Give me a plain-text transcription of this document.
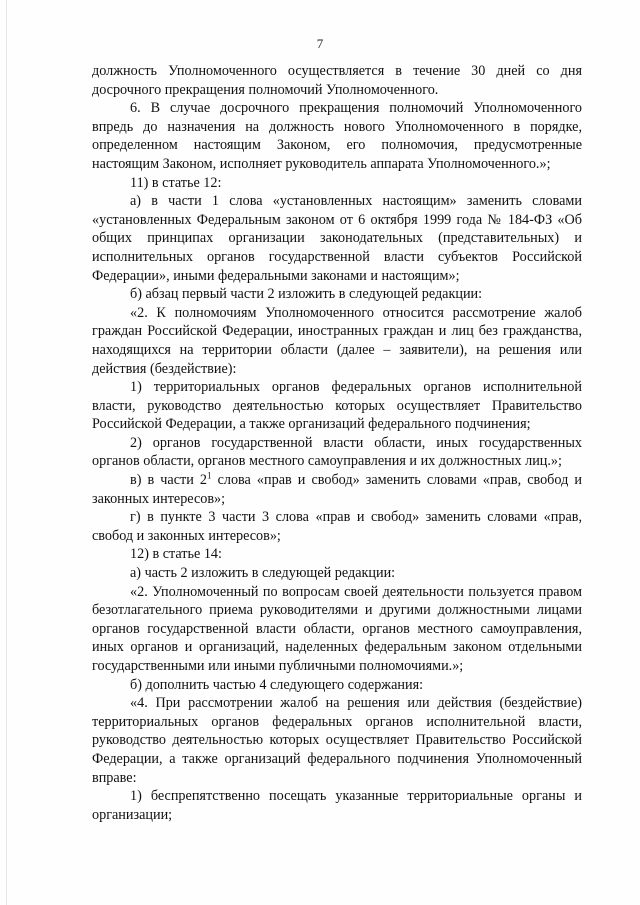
7

должность Уполномоченного осуществляется в течение 30 дней со дня досрочного прекращения полномочий Уполномоченного.

6. В случае досрочного прекращения полномочий Уполномоченного впредь до назначения на должность нового Уполномоченного в порядке, определенном настоящим Законом, его полномочия, предусмотренные настоящим Законом, исполняет руководитель аппарата Уполномоченного.»;

11) в статье 12:

а) в части 1 слова «установленных настоящим» заменить словами «установленных Федеральным законом от 6 октября 1999 года № 184-ФЗ «Об общих принципах организации законодательных (представительных) и исполнительных органов государственной власти субъектов Российской Федерации», иными федеральными законами и настоящим»;

б) абзац первый части 2 изложить в следующей редакции:

«2. К полномочиям Уполномоченного относится рассмотрение жалоб граждан Российской Федерации, иностранных граждан и лиц без гражданства, находящихся на территории области (далее – заявители), на решения или действия (бездействие):

1) территориальных органов федеральных органов исполнительной власти, руководство деятельностью которых осуществляет Правительство Российской Федерации, а также организаций федерального подчинения;

2) органов государственной власти области, иных государственных органов области, органов местного самоуправления и их должностных лиц.»;

в) в части $2^1$ слова «прав и свобод» заменить словами «прав, свобод и законных интересов»;

г) в пункте 3 части 3 слова «прав и свобод» заменить словами «прав, свобод и законных интересов»;

12) в статье 14:

а) часть 2 изложить в следующей редакции:

«2. Уполномоченный по вопросам своей деятельности пользуется правом безотлагательного приема руководителями и другими должностными лицами органов государственной власти области, органов местного самоуправления, иных органов и организаций, наделенных федеральным законом отдельными государственными или иными публичными полномочиями.»;

б) дополнить частью 4 следующего содержания:

«4. При рассмотрении жалоб на решения или действия (бездействие) территориальных органов федеральных органов исполнительной власти, руководство деятельностью которых осуществляет Правительство Российской Федерации, а также организаций федерального подчинения Уполномоченный вправе:

1) беспрепятственно посещать указанные территориальные органы и организации;
